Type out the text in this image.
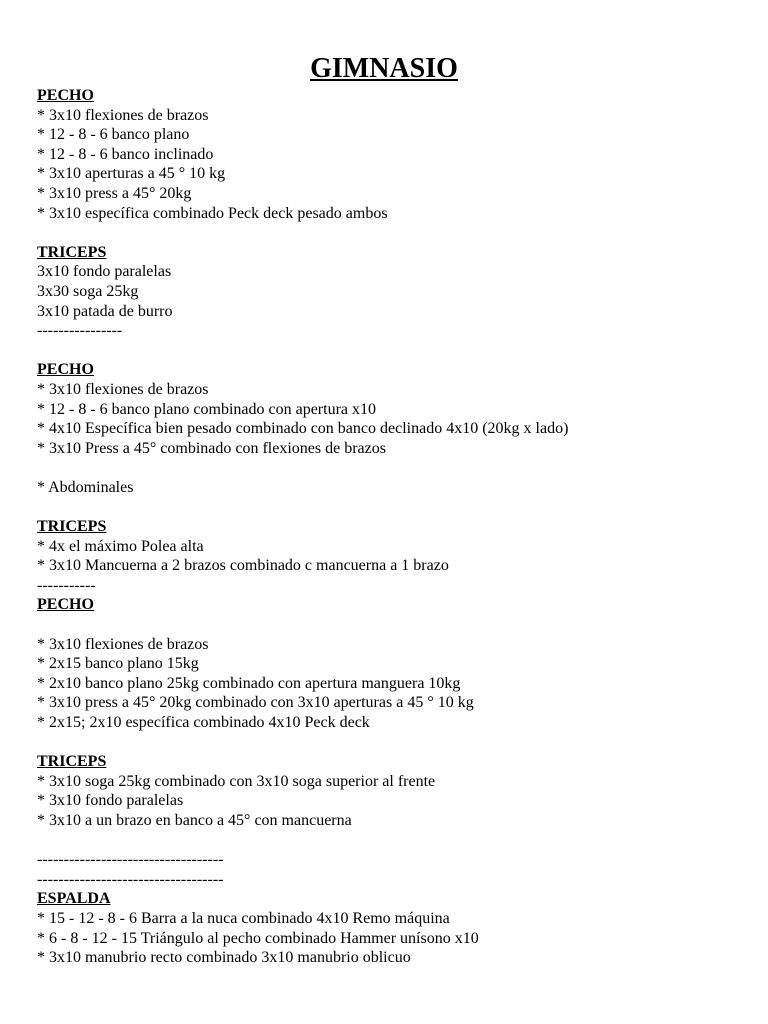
GIMNASIO
PECHO
* 3x10 flexiones de brazos
* 12 - 8 - 6 banco plano
* 12 - 8 - 6 banco inclinado
* 3x10 aperturas a 45 ° 10 kg
* 3x10 press a 45° 20kg
* 3x10 específica combinado Peck deck pesado ambos
TRICEPS
3x10 fondo paralelas
3x30 soga 25kg
3x10 patada de burro
----------------
PECHO
* 3x10 flexiones de brazos
* 12 - 8 - 6 banco plano combinado con apertura x10
* 4x10 Específica bien pesado combinado con banco declinado 4x10 (20kg x lado)
* 3x10 Press a 45° combinado con flexiones de brazos
* Abdominales
TRICEPS
* 4x el máximo Polea alta
* 3x10 Mancuerna a 2 brazos combinado c mancuerna a 1 brazo
-----------
PECHO
* 3x10 flexiones de brazos
* 2x15 banco plano 15kg
* 2x10 banco plano 25kg combinado con apertura manguera 10kg
* 3x10 press a 45° 20kg combinado con 3x10 aperturas a 45 ° 10 kg
* 2x15; 2x10 específica combinado 4x10 Peck deck
TRICEPS
* 3x10 soga 25kg combinado con 3x10 soga superior al frente
* 3x10 fondo paralelas
* 3x10 a un brazo en banco a 45° con mancuerna
-----------------------------------
-----------------------------------
ESPALDA
* 15 - 12 - 8 - 6 Barra a la nuca combinado 4x10 Remo máquina
* 6 - 8 - 12 - 15 Triángulo al pecho combinado Hammer unísono x10
* 3x10 manubrio recto combinado 3x10 manubrio oblicuo
